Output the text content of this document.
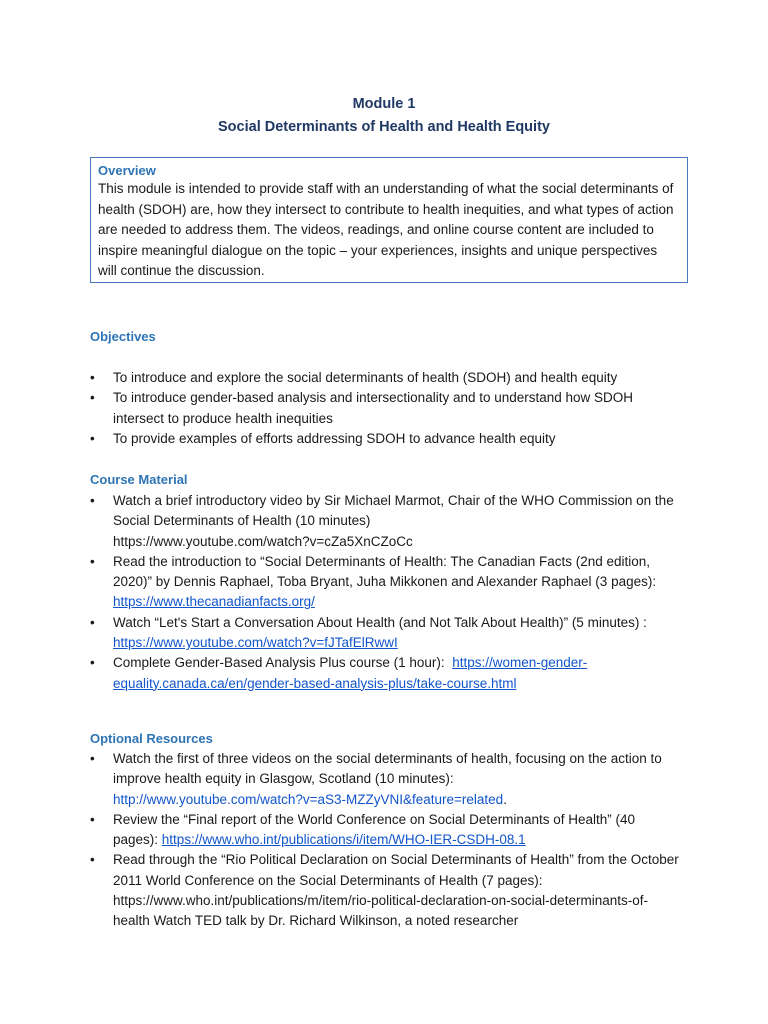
Module 1
Social Determinants of Health and Health Equity
Overview

This module is intended to provide staff with an understanding of what the social determinants of health (SDOH) are, how they intersect to contribute to health inequities, and what types of action are needed to address them. The videos, readings, and online course content are included to inspire meaningful dialogue on the topic – your experiences, insights and unique perspectives will continue the discussion.

Objectives
• To introduce and explore the social determinants of health (SDOH) and health equity
• To introduce gender-based analysis and intersectionality and to understand how SDOH intersect to produce health inequities
• To provide examples of efforts addressing SDOH to advance health equity
Course Material
• Watch a brief introductory video by Sir Michael Marmot, Chair of the WHO Commission on the Social Determinants of Health (10 minutes)
https://www.youtube.com/watch?v=cZa5XnCZoCc
• Read the introduction to “Social Determinants of Health: The Canadian Facts (2nd edition, 2020)” by Dennis Raphael, Toba Bryant, Juha Mikkonen and Alexander Raphael (3 pages): https://www.thecanadianfacts.org/
• Watch “Let's Start a Conversation About Health (and Not Talk About Health)” (5 minutes) : https://www.youtube.com/watch?v=fJTafElRwwI
• Complete Gender-Based Analysis Plus course (1 hour): https://women-gender-equality.canada.ca/en/gender-based-analysis-plus/take-course.html
Optional Resources
• Watch the first of three videos on the social determinants of health, focusing on the action to improve health equity in Glasgow, Scotland (10 minutes):
http://www.youtube.com/watch?v=aS3-MZZyVNI&feature=related.
• Review the “Final report of the World Conference on Social Determinants of Health” (40 pages): https://www.who.int/publications/i/item/WHO-IER-CSDH-08.1
• Read through the “Rio Political Declaration on Social Determinants of Health” from the October 2011 World Conference on the Social Determinants of Health (7 pages): https://www.who.int/publications/m/item/rio-political-declaration-on-social-determinants-of-health Watch TED talk by Dr. Richard Wilkinson, a noted researcher
